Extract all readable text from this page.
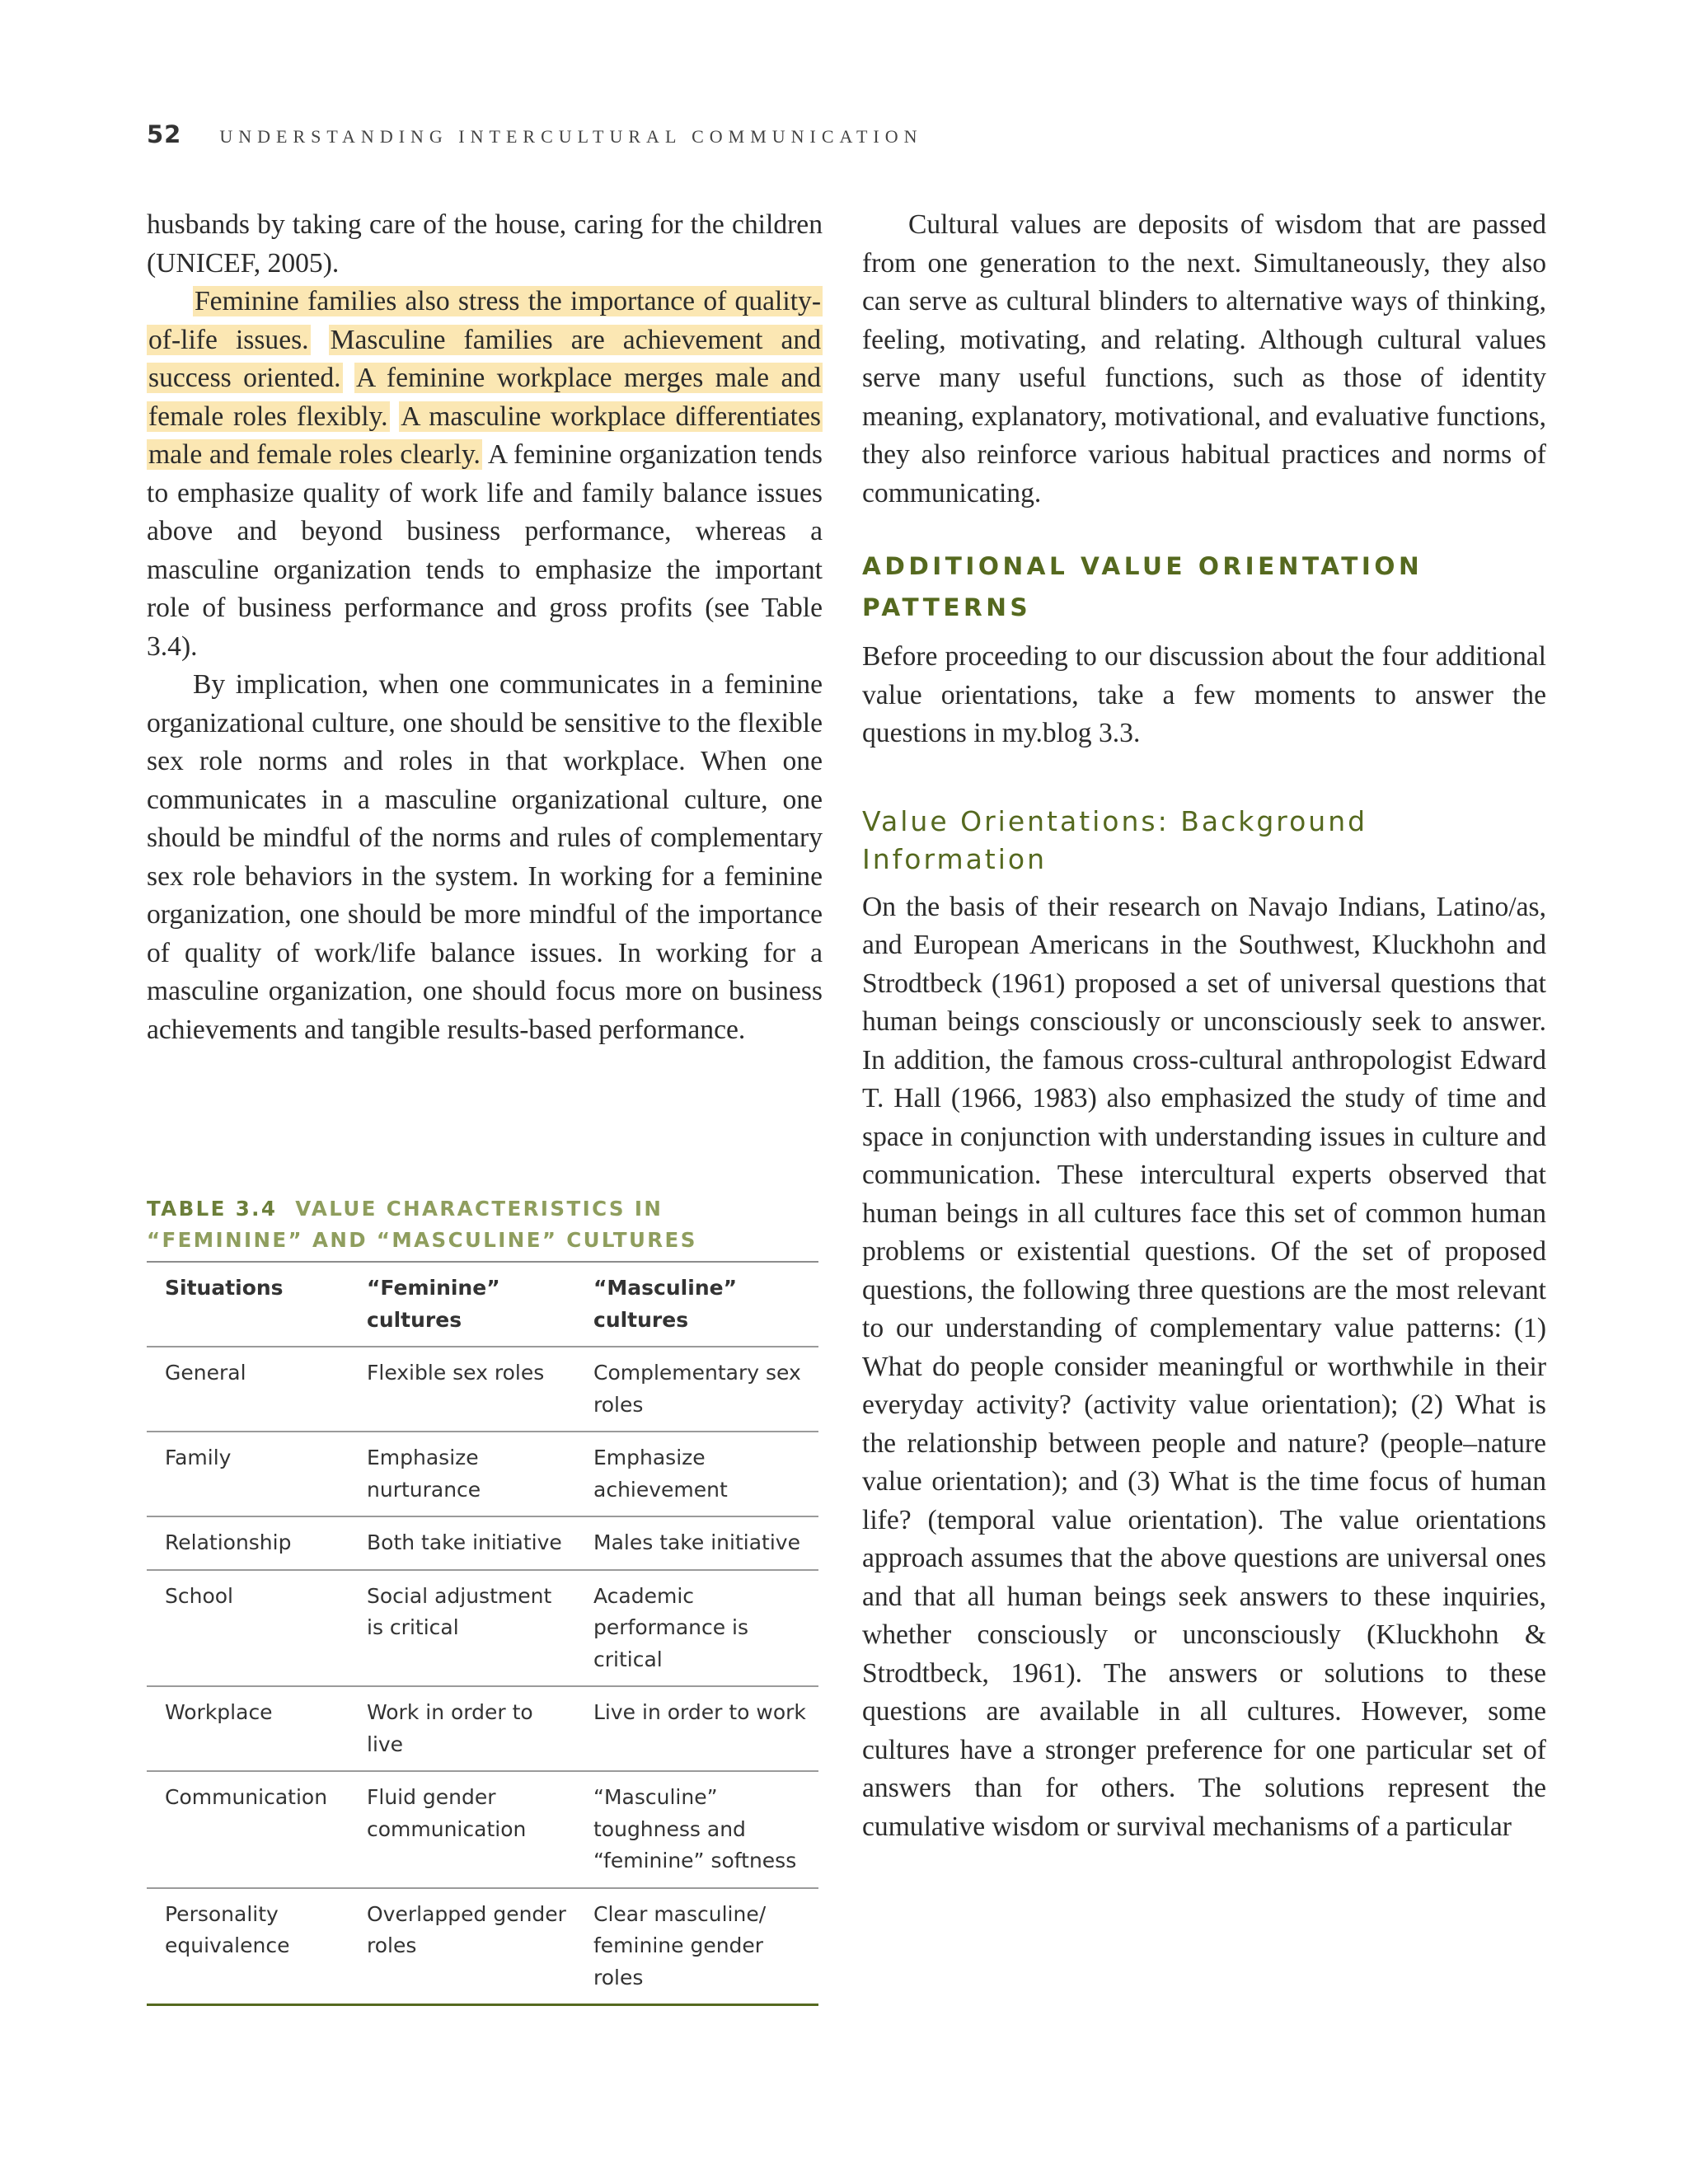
52 UNDERSTANDING INTERCULTURAL COMMUNICATION

husbands by taking care of the house, caring for the children (UNICEF, 2005).

Feminine families also stress the importance of quality-of-life issues. Masculine families are achievement and success oriented. A feminine workplace merges male and female roles flexibly. A masculine workplace differentiates male and female roles clearly. A feminine organization tends to emphasize quality of work life and family balance issues above and beyond business performance, whereas a masculine organization tends to emphasize the important role of business performance and gross profits (see Table 3.4).

By implication, when one communicates in a feminine organizational culture, one should be sensitive to the flexible sex role norms and roles in that workplace. When one communicates in a masculine organizational culture, one should be mindful of the norms and rules of complementary sex role behaviors in the system. In working for a feminine organization, one should be more mindful of the importance of quality of work/life balance issues. In working for a masculine organization, one should focus more on business achievements and tangible results-based performance.

TABLE 3.4 VALUE CHARACTERISTICS IN “FEMININE” AND “MASCULINE” CULTURES
Situations	“Feminine” cultures	“Masculine” cultures
General	Flexible sex roles	Complementary sex roles
Family	Emphasize nurturance	Emphasize achievement
Relationship	Both take initiative	Males take initiative
School	Social adjustment is critical	Academic performance is critical
Workplace	Work in order to live	Live in order to work
Communication	Fluid gender communication	“Masculine” toughness and “feminine” softness
Personality equivalence	Overlapped gender roles	Clear masculine/ feminine gender roles

Cultural values are deposits of wisdom that are passed from one generation to the next. Simultaneously, they also can serve as cultural blinders to alternative ways of thinking, feeling, motivating, and relating. Although cultural values serve many useful functions, such as those of identity meaning, explanatory, motivational, and evaluative functions, they also reinforce various habitual practices and norms of communicating.

ADDITIONAL VALUE ORIENTATION PATTERNS

Before proceeding to our discussion about the four additional value orientations, take a few moments to answer the questions in my.blog 3.3.

Value Orientations: Background Information

On the basis of their research on Navajo Indians, Latino/as, and European Americans in the Southwest, Kluckhohn and Strodtbeck (1961) proposed a set of universal questions that human beings consciously or unconsciously seek to answer. In addition, the famous cross-cultural anthropologist Edward T. Hall (1966, 1983) also emphasized the study of time and space in conjunction with understanding issues in culture and communication. These intercultural experts observed that human beings in all cultures face this set of common human problems or existential questions. Of the set of proposed questions, the following three questions are the most relevant to our understanding of complementary value patterns: (1) What do people consider meaningful or worthwhile in their everyday activity? (activity value orientation); (2) What is the relationship between people and nature? (people–nature value orientation); and (3) What is the time focus of human life? (temporal value orientation). The value orientations approach assumes that the above questions are universal ones and that all human beings seek answers to these inquiries, whether consciously or unconsciously (Kluckhohn & Strodtbeck, 1961). The answers or solutions to these questions are available in all cultures. However, some cultures have a stronger preference for one particular set of answers than for others. The solutions represent the cumulative wisdom or survival mechanisms of a particular
